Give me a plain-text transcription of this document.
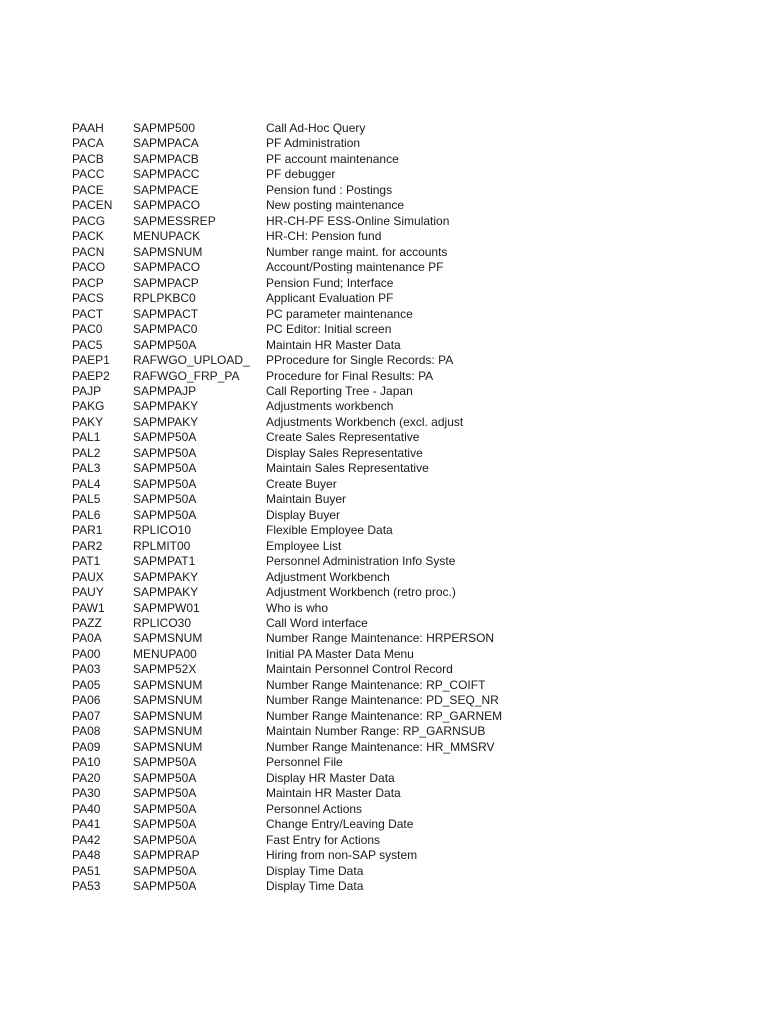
PAAH	SAPMP500	Call Ad-Hoc Query
PACA	SAPMPACA	PF Administration
PACB	SAPMPACB	PF account maintenance
PACC	SAPMPACC	PF debugger
PACE	SAPMPACE	Pension fund : Postings
PACEN	SAPMPACO	New posting maintenance
PACG	SAPMESSREP	HR-CH-PF ESS-Online Simulation
PACK	MENUPACK	HR-CH: Pension fund
PACN	SAPMSNUM	Number range maint. for accounts
PACO	SAPMPACO	Account/Posting maintenance PF
PACP	SAPMPACP	Pension Fund; Interface
PACS	RPLPKBC0	Applicant Evaluation PF
PACT	SAPMPACT	PC parameter maintenance
PAC0	SAPMPAC0	PC Editor: Initial screen
PAC5	SAPMP50A	Maintain HR Master Data
PAEP1	RAFWGO_UPLOAD_	PProcedure for Single Records: PA
PAEP2	RAFWGO_FRP_PA	Procedure for Final Results: PA
PAJP	SAPMPAJP	Call Reporting Tree - Japan
PAKG	SAPMPAKY	Adjustments workbench
PAKY	SAPMPAKY	Adjustments Workbench (excl. adjust
PAL1	SAPMP50A	Create Sales Representative
PAL2	SAPMP50A	Display Sales Representative
PAL3	SAPMP50A	Maintain Sales Representative
PAL4	SAPMP50A	Create Buyer
PAL5	SAPMP50A	Maintain Buyer
PAL6	SAPMP50A	Display Buyer
PAR1	RPLICO10	Flexible Employee Data
PAR2	RPLMIT00	Employee List
PAT1	SAPMPAT1	Personnel Administration Info Syste
PAUX	SAPMPAKY	Adjustment Workbench
PAUY	SAPMPAKY	Adjustment Workbench (retro proc.)
PAW1	SAPMPW01	Who is who
PAZZ	RPLICO30	Call Word interface
PA0A	SAPMSNUM	Number Range Maintenance: HRPERSON
PA00	MENUPA00	Initial PA Master Data Menu
PA03	SAPMP52X	Maintain Personnel Control Record
PA05	SAPMSNUM	Number Range Maintenance: RP_COIFT
PA06	SAPMSNUM	Number Range Maintenance: PD_SEQ_NR
PA07	SAPMSNUM	Number Range Maintenance: RP_GARNEM
PA08	SAPMSNUM	Maintain Number Range: RP_GARNSUB
PA09	SAPMSNUM	Number Range Maintenance: HR_MMSRV
PA10	SAPMP50A	Personnel File
PA20	SAPMP50A	Display HR Master Data
PA30	SAPMP50A	Maintain HR Master Data
PA40	SAPMP50A	Personnel Actions
PA41	SAPMP50A	Change Entry/Leaving Date
PA42	SAPMP50A	Fast Entry for Actions
PA48	SAPMPRAP	Hiring from non-SAP system
PA51	SAPMP50A	Display Time Data
PA53	SAPMP50A	Display Time Data
